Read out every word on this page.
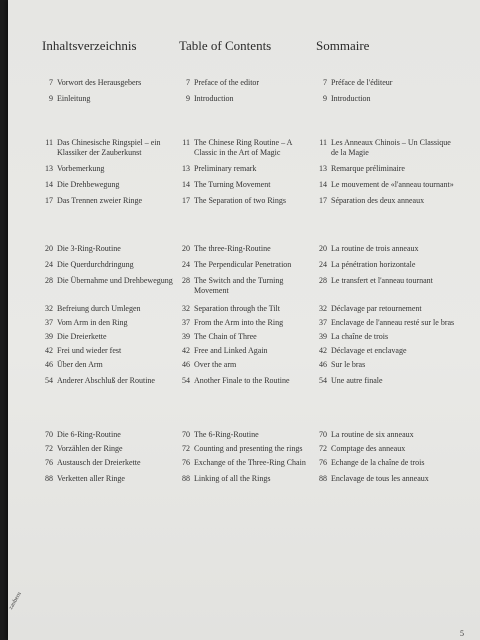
Inhaltsverzeichnis
7 Vorwort des Herausgebers
9 Einleitung
11 Das Chinesische Ringspiel – ein Klassiker der Zauberkunst
13 Vorbemerkung
14 Die Drehbewegung
17 Das Trennen zweier Ringe
20 Die 3-Ring-Routine
24 Die Querdurchdringung
28 Die Übernahme und Drehbewegung
32 Befreiung durch Umlegen
37 Vom Arm in den Ring
39 Die Dreierkette
42 Frei und wieder fest
46 Über den Arm
54 Anderer Abschluß der Routine
70 Die 6-Ring-Routine
72 Vorzählen der Ringe
76 Austausch der Dreierkette
88 Verketten aller Ringe
Table of Contents
7 Preface of the editor
9 Introduction
11 The Chinese Ring Routine – A Classic in the Art of Magic
13 Preliminary remark
14 The Turning Movement
17 The Separation of two Rings
20 The three-Ring-Routine
24 The Perpendicular Penetration
28 The Switch and the Turning Movement
32 Separation through the Tilt
37 From the Arm into the Ring
39 The Chain of Three
42 Free and Linked Again
46 Over the arm
54 Another Finale to the Routine
70 The 6-Ring-Routine
72 Counting and presenting the rings
76 Exchange of the Three-Ring Chain
88 Linking of all the Rings
Sommaire
7 Préface de l'éditeur
9 Introduction
11 Les Anneaux Chinois – Un Classique de la Magie
13 Remarque préliminaire
14 Le mouvement de «l'anneau tournant»
17 Séparation des deux anneaux
20 La routine de trois anneaux
24 La pénétration horizontale
28 Le transfert et l'anneau tournant
32 Déclavage par retournement
37 Enclavage de l'anneau resté sur le bras
39 La chaîne de trois
42 Déclavage et enclavage
46 Sur le bras
54 Une autre finale
70 La routine de six anneaux
72 Comptage des anneaux
76 Echange de la chaîne de trois
88 Enclavage de tous les anneaux
zaubern
5
